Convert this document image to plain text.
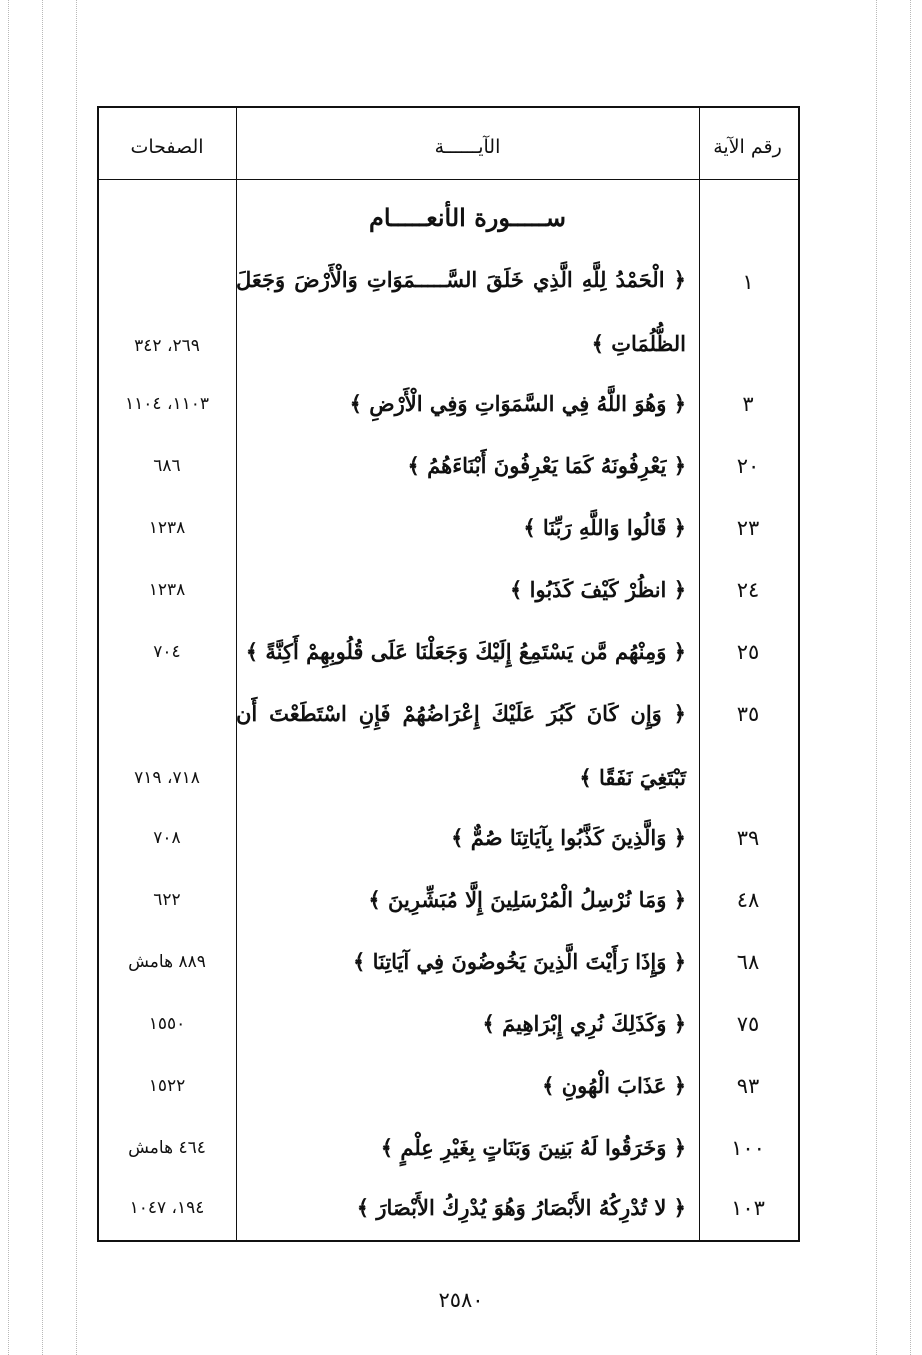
رقم الآية
الآيــــــة
الصفحات
ســـــورة الأنعـــــام
١
﴿ الْحَمْدُ لِلَّهِ الَّذِي خَلَقَ السَّـــــمَوَاتِ وَالْأَرْضَ وَجَعَلَ الظُّلُمَاتِ ﴾
٢٦٩، ٣٤٢
٣
﴿ وَهُوَ اللَّهُ فِي السَّمَوَاتِ وَفِي الْأَرْضِ ﴾
١١٠٣، ١١٠٤
٢٠
﴿ يَعْرِفُونَهُ كَمَا يَعْرِفُونَ أَبْنَاءَهُمُ ﴾
٦٨٦
٢٣
﴿ قَالُوا وَاللَّهِ رَبِّنَا ﴾
١٢٣٨
٢٤
﴿ انظُرْ كَيْفَ كَذَبُوا ﴾
١٢٣٨
٢٥
﴿ وَمِنْهُم مَّن يَسْتَمِعُ إِلَيْكَ وَجَعَلْنَا عَلَى قُلُوبِهِمْ أَكِنَّةً ﴾
٧٠٤
٣٥
﴿ وَإِن كَانَ كَبُرَ عَلَيْكَ إِعْرَاضُهُمْ فَإِنِ اسْتَطَعْتَ أَن تَبْتَغِيَ نَفَقًا ﴾
٧١٨، ٧١٩
٣٩
﴿ وَالَّذِينَ كَذَّبُوا بِآيَاتِنَا صُمٌّ ﴾
٧٠٨
٤٨
﴿ وَمَا نُرْسِلُ الْمُرْسَلِينَ إِلَّا مُبَشِّرِينَ ﴾
٦٢٢
٦٨
﴿ وَإِذَا رَأَيْتَ الَّذِينَ يَخُوضُونَ فِي آيَاتِنَا ﴾
٨٨٩ هامش
٧٥
﴿ وَكَذَلِكَ نُرِي إِبْرَاهِيمَ ﴾
١٥٥٠
٩٣
﴿ عَذَابَ الْهُونِ ﴾
١٥٢٢
١٠٠
﴿ وَخَرَقُوا لَهُ بَنِينَ وَبَنَاتٍ بِغَيْرِ عِلْمٍ ﴾
٤٦٤ هامش
١٠٣
﴿ لا تُدْرِكُهُ الأَبْصَارُ وَهُوَ يُدْرِكُ الأَبْصَارَ ﴾
١٩٤، ١٠٤٧
٢٥٨٠
